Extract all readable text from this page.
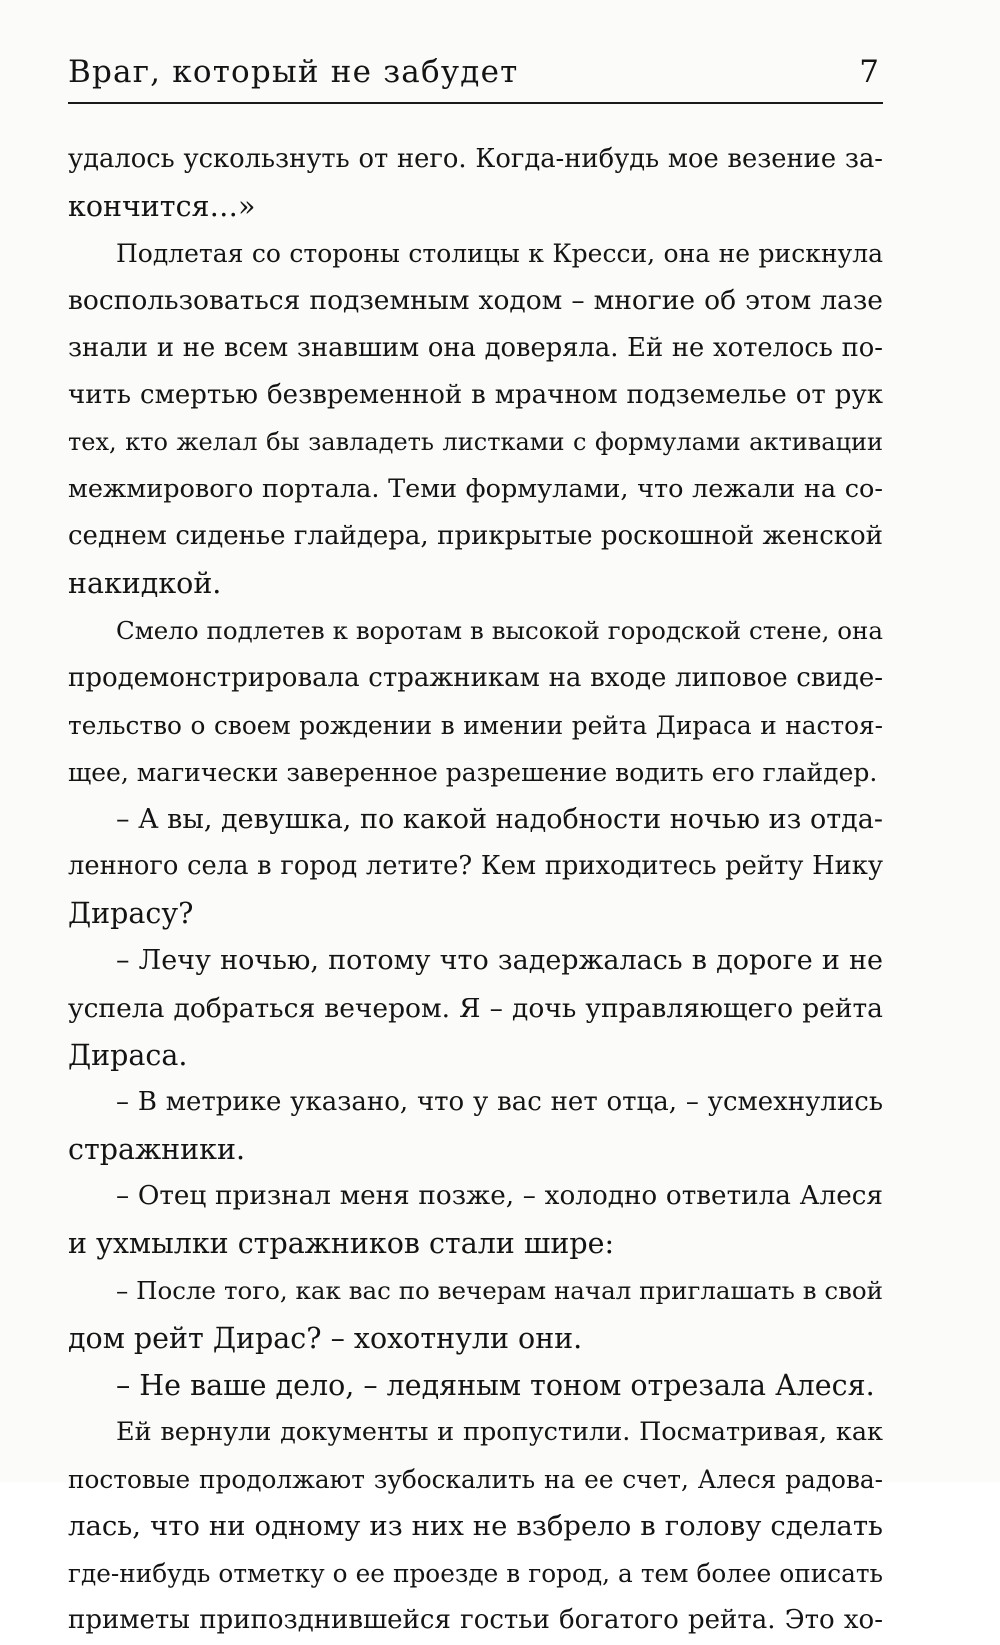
Враг, который не забудет	7
удалось ускользнуть от него. Когда-нибудь мое везение за-
кончится…»
Подлетая со стороны столицы к Кресси, она не рискнула
воспользоваться подземным ходом – многие об этом лазе
знали и не всем знавшим она доверяла. Ей не хотелось по-
чить смертью безвременной в мрачном подземелье от рук
тех, кто желал бы завладеть листками с формулами активации
межмирового портала. Теми формулами, что лежали на со-
седнем сиденье глайдера, прикрытые роскошной женской
накидкой.
Смело подлетев к воротам в высокой городской стене, она
продемонстрировала стражникам на входе липовое свиде-
тельство о своем рождении в имении рейта Дираса и настоя-
щее, магически заверенное разрешение водить его глайдер.
– А вы, девушка, по какой надобности ночью из отда-
ленного села в город летите? Кем приходитесь рейту Нику
Дирасу?
– Лечу ночью, потому что задержалась в дороге и не
успела добраться вечером. Я – дочь управляющего рейта
Дираса.
– В метрике указано, что у вас нет отца, – усмехнулись
стражники.
– Отец признал меня позже, – холодно ответила Алеся
и ухмылки стражников стали шире:
– После того, как вас по вечерам начал приглашать в свой
дом рейт Дирас? – хохотнули они.
– Не ваше дело, – ледяным тоном отрезала Алеся.
Ей вернули документы и пропустили. Посматривая, как
постовые продолжают зубоскалить на ее счет, Алеся радова-
лась, что ни одному из них не взбрело в голову сделать
где-нибудь отметку о ее проезде в город, а тем более описать
приметы припозднившейся гостьи богатого рейта. Это хо-
